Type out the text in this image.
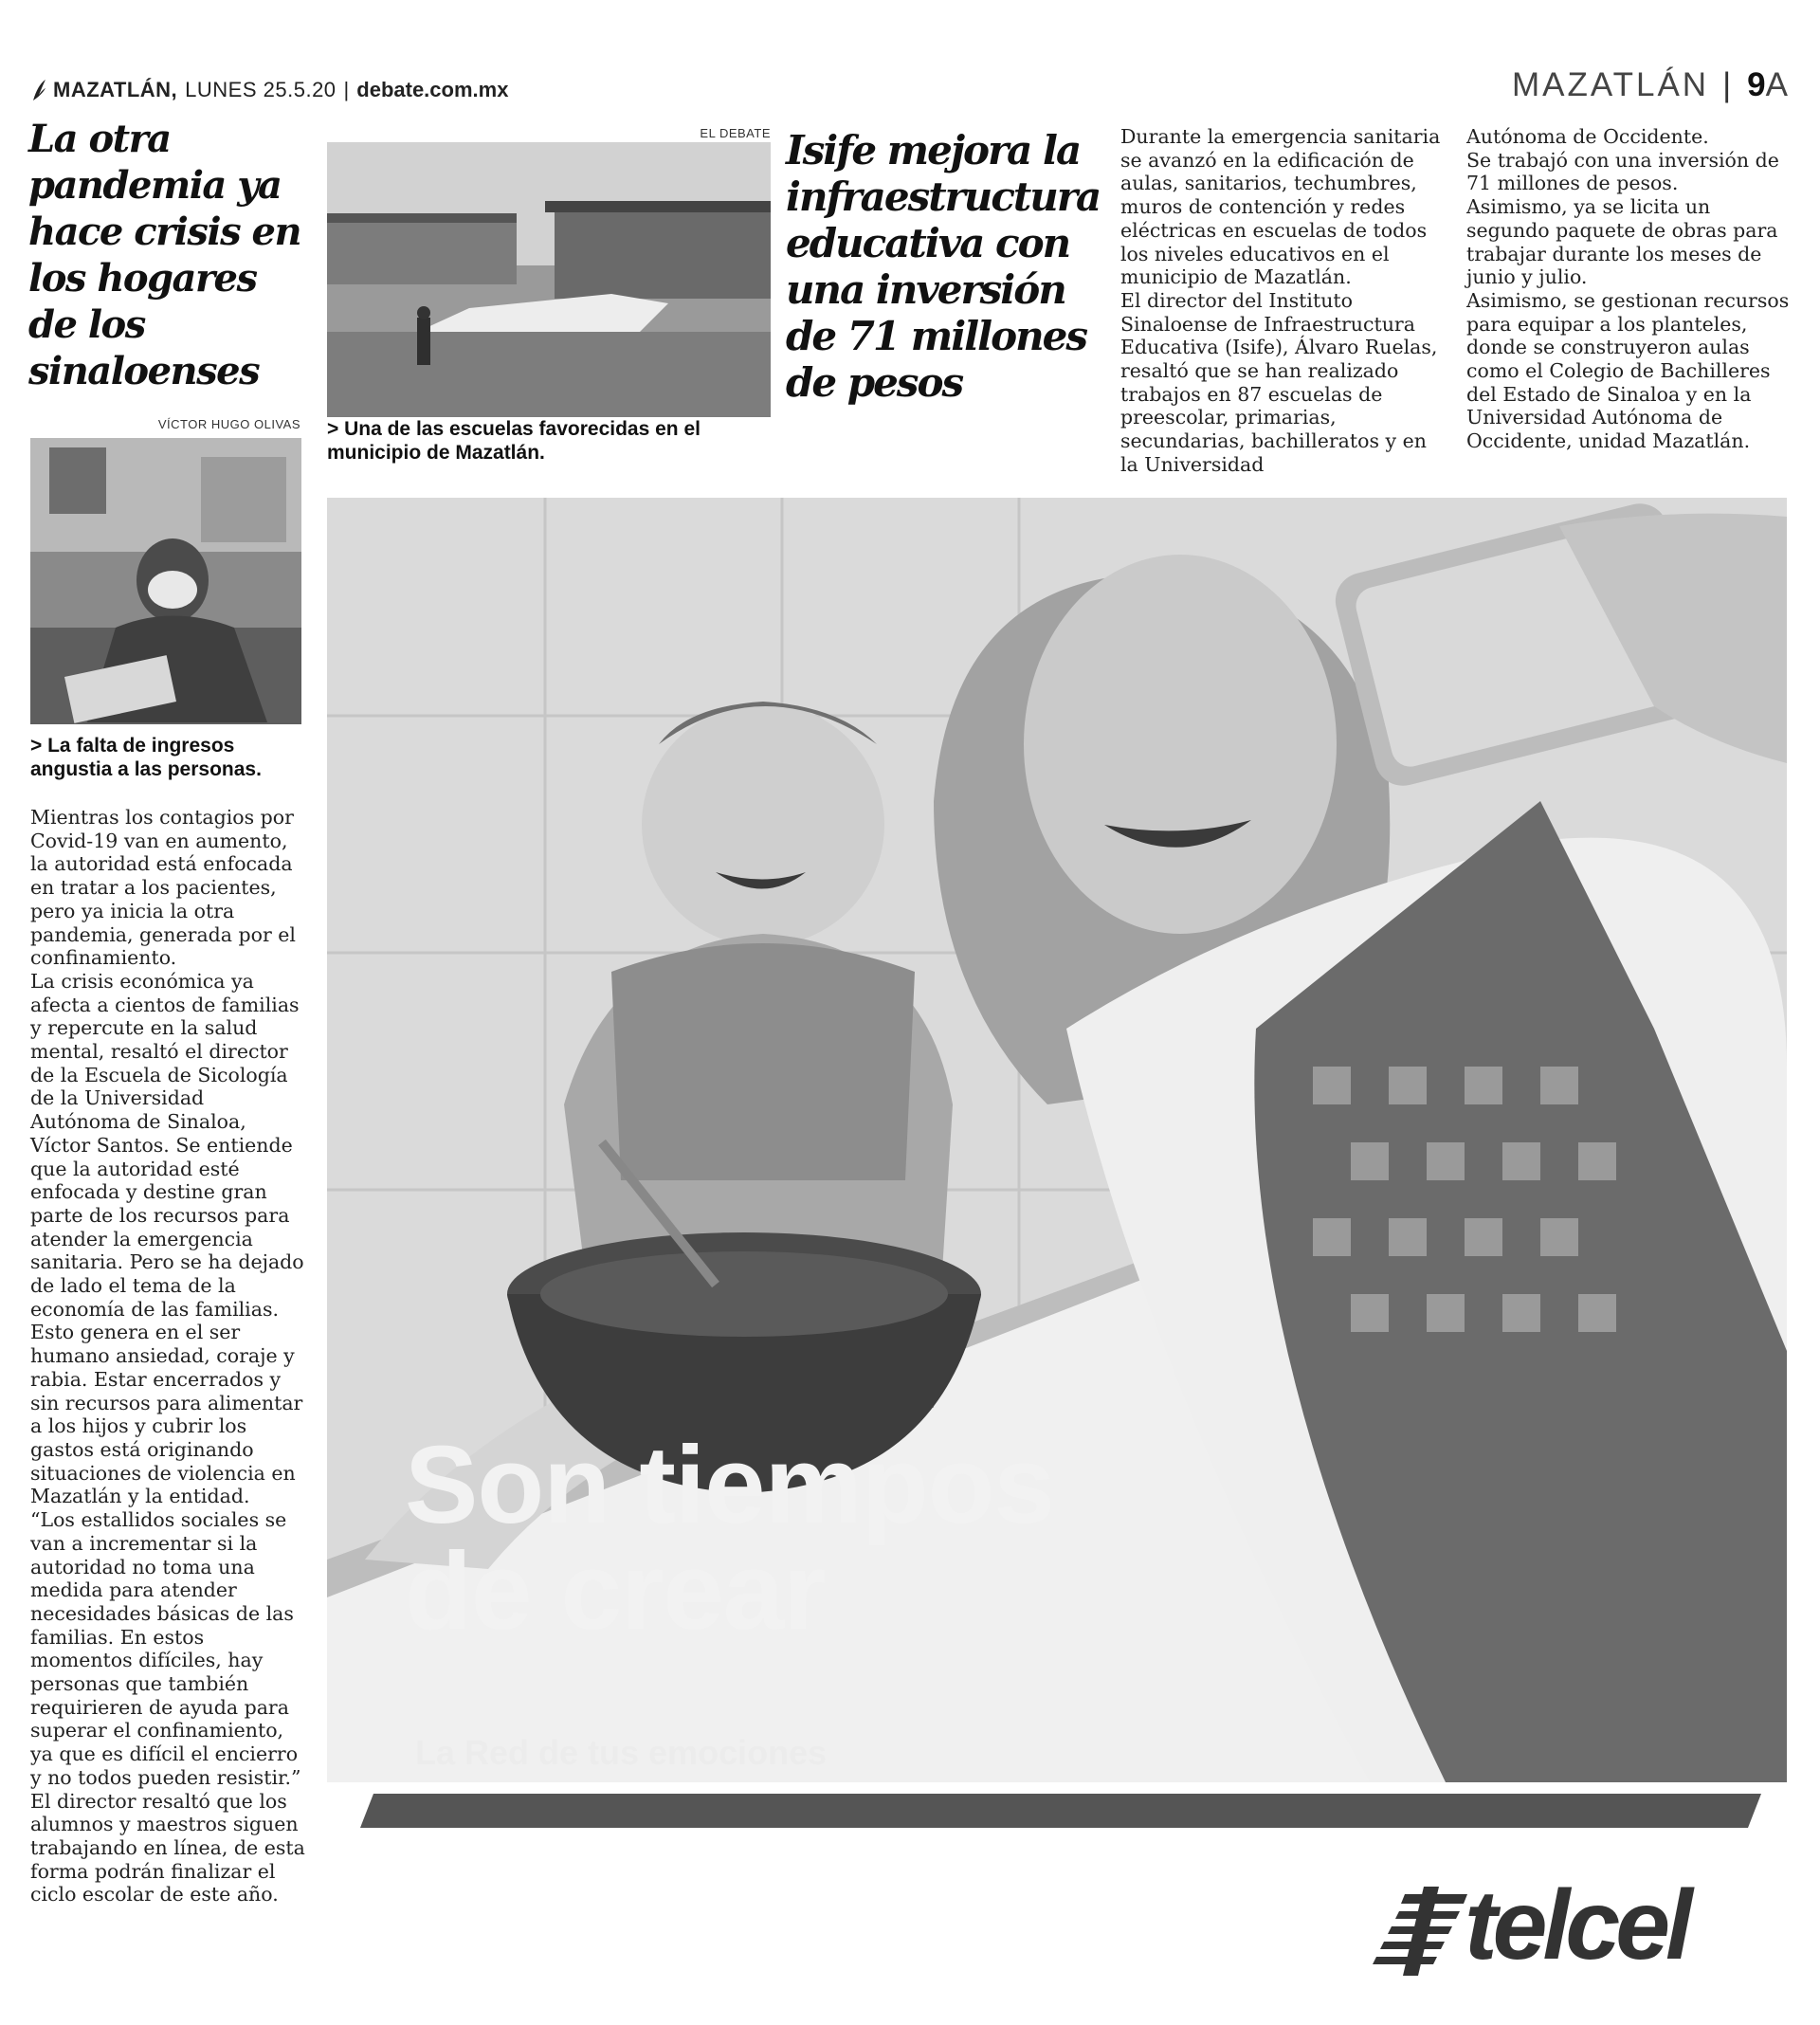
MAZATLÁN, LUNES 25.5.20 | debate.com.mx	MAZATLÁN | 9 A
La otra pandemia ya hace crisis en los hogares de los sinaloenses
VÍCTOR HUGO OLIVAS

> La falta de ingresos angustia a las personas.

Mientras los contagios por Covid-19 van en aumento, la autoridad está enfocada en tratar a los pacientes, pero ya inicia la otra pandemia, generada por el confinamiento.

La crisis económica ya afecta a cientos de familias y repercute en la salud mental, resaltó el director de la Escuela de Sicología de la Universidad Autónoma de Sinaloa, Víctor Santos. Se entiende que la autoridad esté enfocada y destine gran parte de los recursos para atender la emergencia sanitaria. Pero se ha dejado de lado el tema de la economía de las familias.

Esto genera en el ser humano ansiedad, coraje y rabia. Estar encerrados y sin recursos para alimentar a los hijos y cubrir los gastos está originando situaciones de violencia en Mazatlán y la entidad.

“Los estallidos sociales se van a incrementar si la autoridad no toma una medida para atender necesidades básicas de las familias. En estos momentos difíciles, hay personas que también requirieren de ayuda para superar el confinamiento, ya que es difícil el encierro y no todos pueden resistir.”

El director resaltó que los alumnos y maestros siguen trabajando en línea, de esta forma podrán finalizar el ciclo escolar de este año.

EL DEBATE

> Una de las escuelas favorecidas en el municipio de Mazatlán.

Isife mejora la infraestructura educativa con una inversión de 71 millones de pesos

Durante la emergencia sanitaria se avanzó en la edificación de aulas, sanitarios, techumbres, muros de contención y redes eléctricas en escuelas de todos los niveles educativos en el municipio de Mazatlán.

El director del Instituto Sinaloense de Infraestructura Educativa (Isife), Álvaro Ruelas, resaltó que se han realizado trabajos en 87 escuelas de preescolar, primarias, secundarias, bachilleratos y en la Universidad

Autónoma de Occidente.

Se trabajó con una inversión de 71 millones de pesos.

Asimismo, ya se licita un segundo paquete de obras para trabajar durante los meses de junio y julio.

Asimismo, se gestionan recursos para equipar a los planteles, donde se construyeron aulas como el Colegio de Bachilleres del Estado de Sinaloa y en la Universidad Autónoma de Occidente, unidad Mazatlán.

Son tiempos
de crear
La Red de tus emociones
telcel
